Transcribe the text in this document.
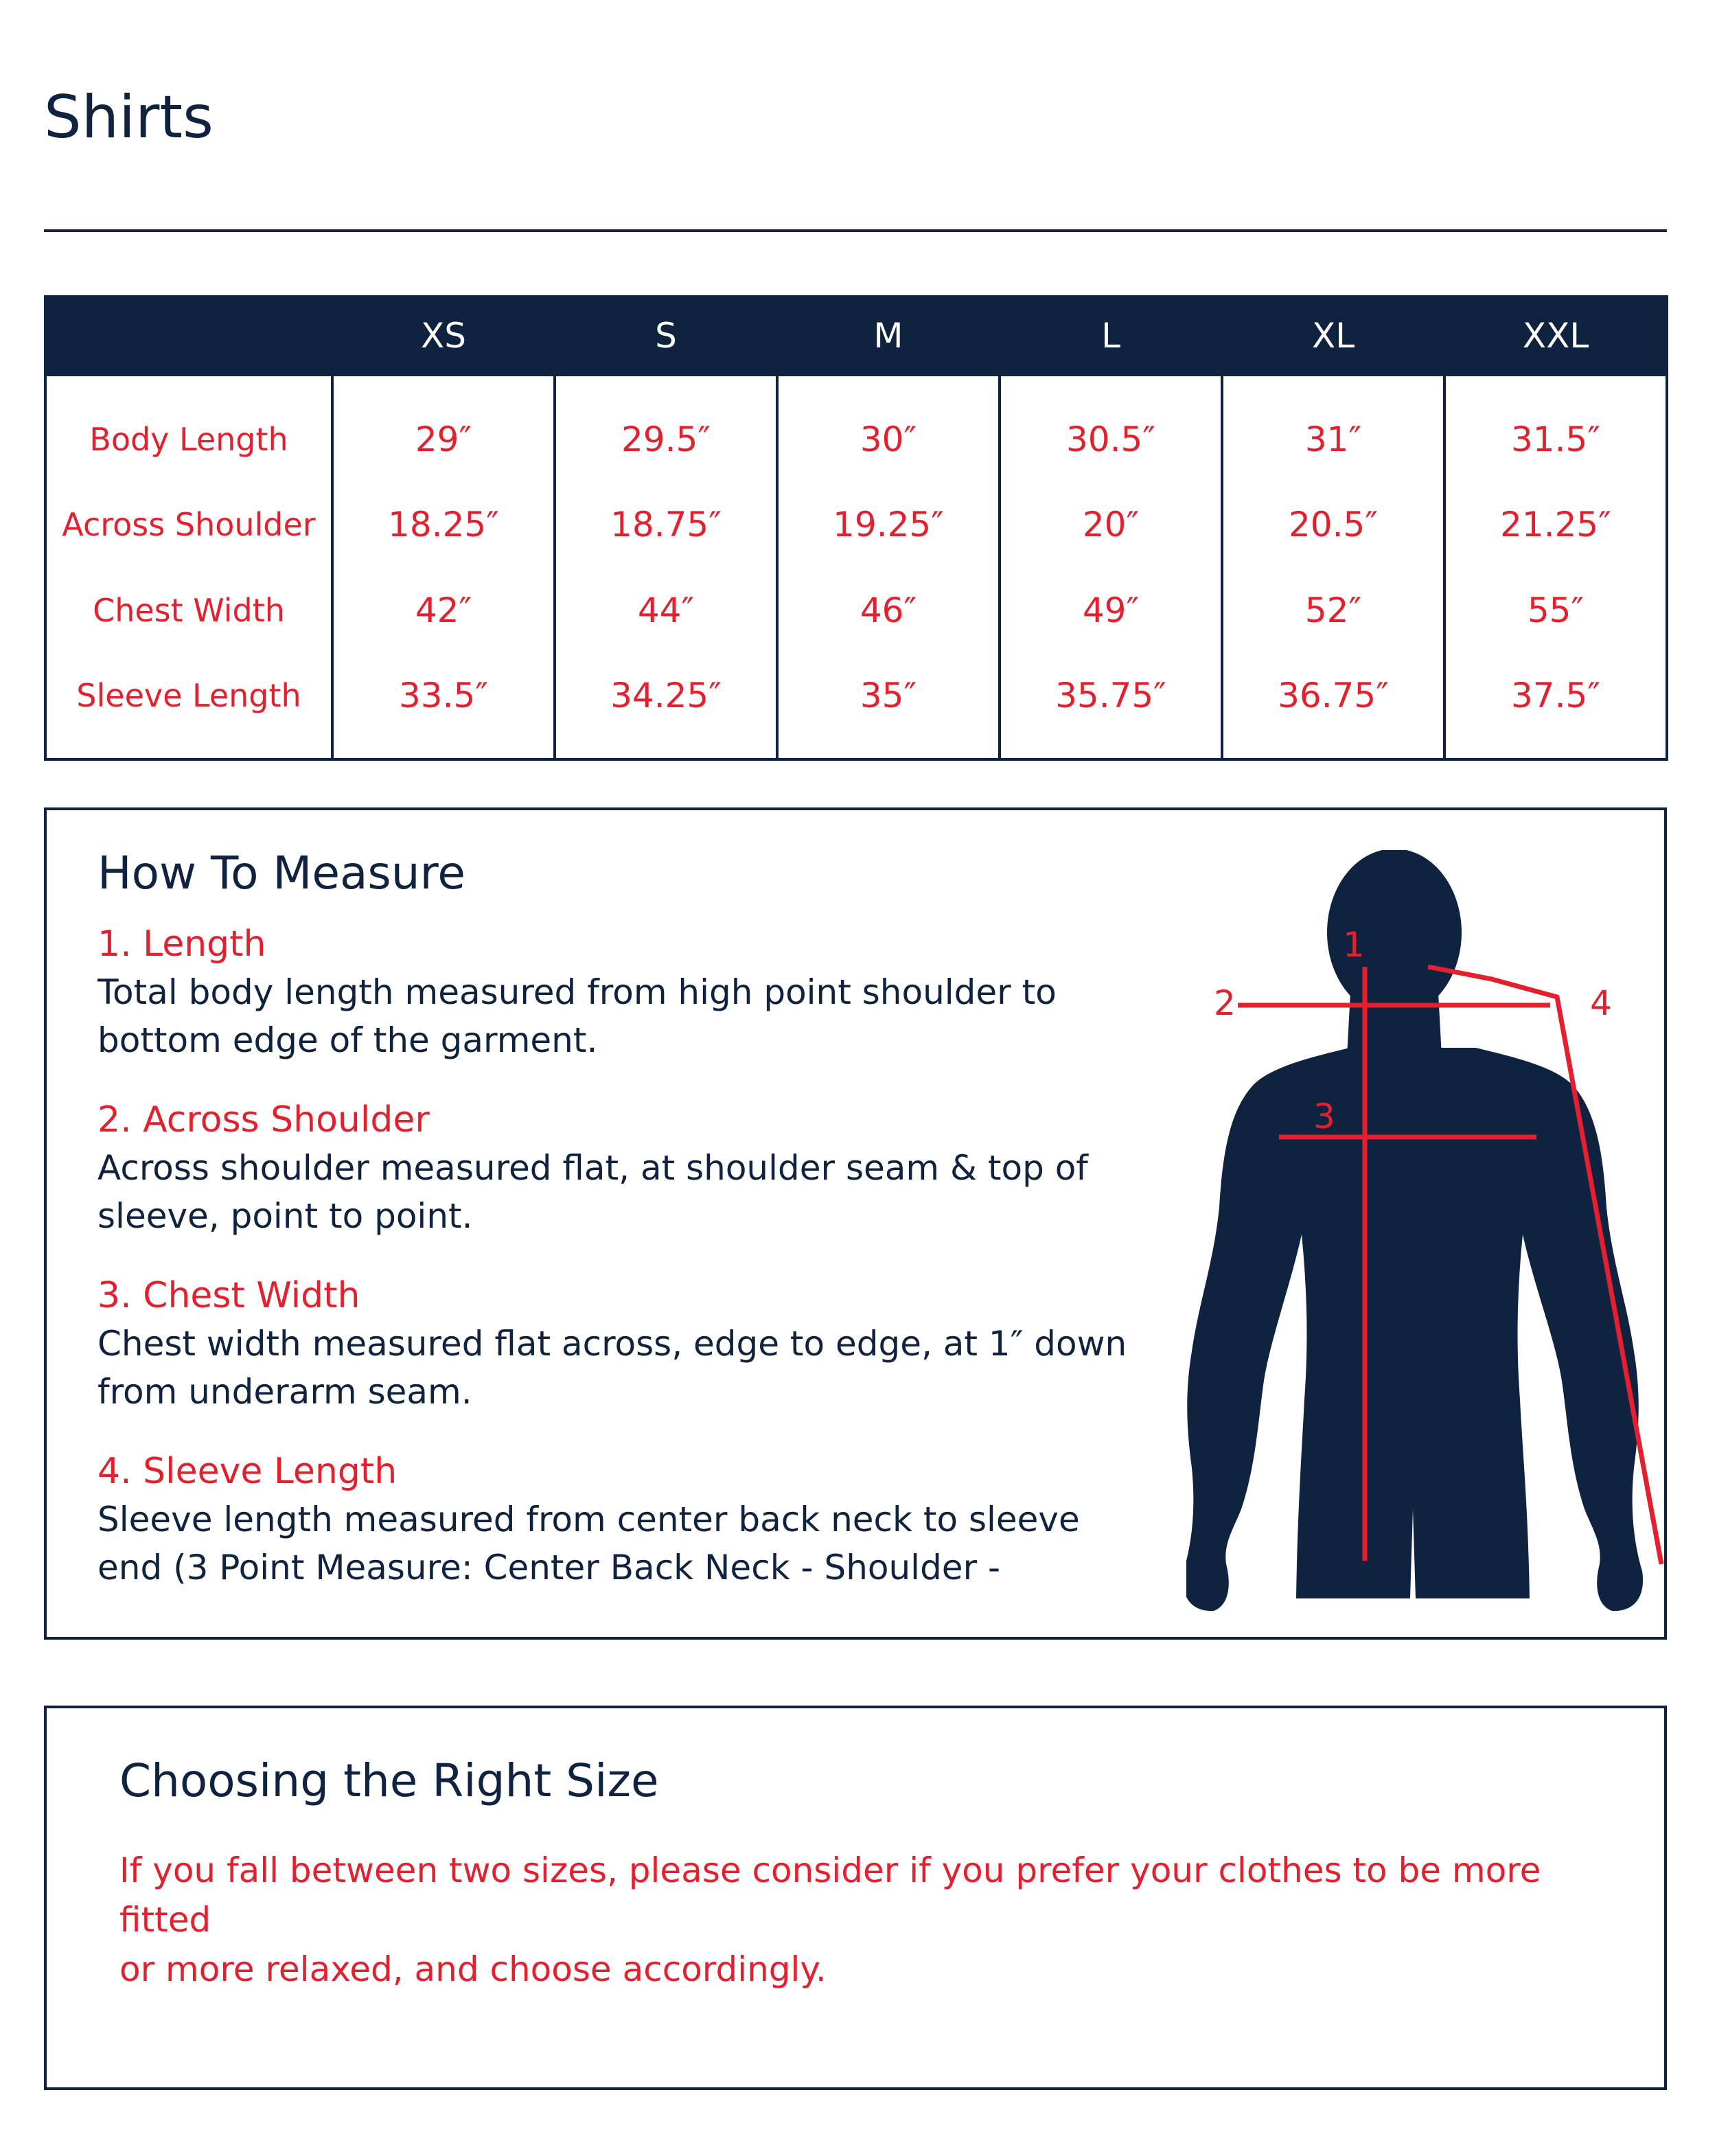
Shirts
	XS	S	M	L	XL	XXL
Body Length	29″	29.5″	30″	30.5″	31″	31.5″
Across Shoulder	18.25″	18.75″	19.25″	20″	20.5″	21.25″
Chest Width	42″	44″	46″	49″	52″	55″
Sleeve Length	33.5″	34.25″	35″	35.75″	36.75″	37.5″
How To Measure
1. Length
Total body length measured from high point shoulder to
bottom edge of the garment.
2. Across Shoulder
Across shoulder measured flat, at shoulder seam & top of
sleeve, point to point.
3. Chest Width
Chest width measured flat across, edge to edge, at 1″ down
from underarm seam.
4. Sleeve Length
Sleeve length measured from center back neck to sleeve
end (3 Point Measure: Center Back Neck - Shoulder -
1
2
3
4
Choosing the Right Size
If you fall between two sizes, please consider if you prefer your clothes to be more fitted
or more relaxed, and choose accordingly.
